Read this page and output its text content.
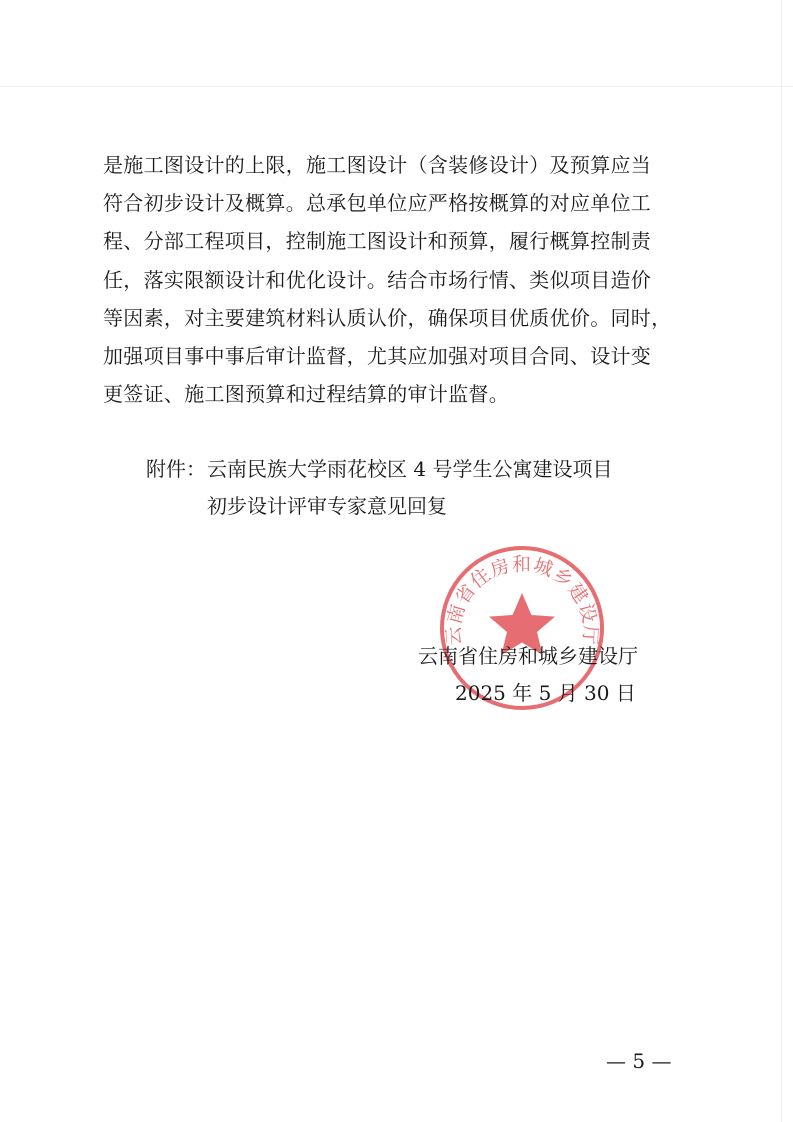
是施工图设计的上限，施工图设计（含装修设计）及预算应当
符合初步设计及概算。总承包单位应严格按概算的对应单位工
程、分部工程项目，控制施工图设计和预算，履行概算控制责
任，落实限额设计和优化设计。结合市场行情、类似项目造价
等因素，对主要建筑材料认质认价，确保项目优质优价。同时，
加强项目事中事后审计监督，尤其应加强对项目合同、设计变
更签证、施工图预算和过程结算的审计监督。
附件： 云南民族大学雨花校区 4 号学生公寓建设项目
初步设计评审专家意见回复
云南省住房和城乡建设厅
云南省住房和城乡建设厅
2025 年 5 月 30 日
— 5 —
